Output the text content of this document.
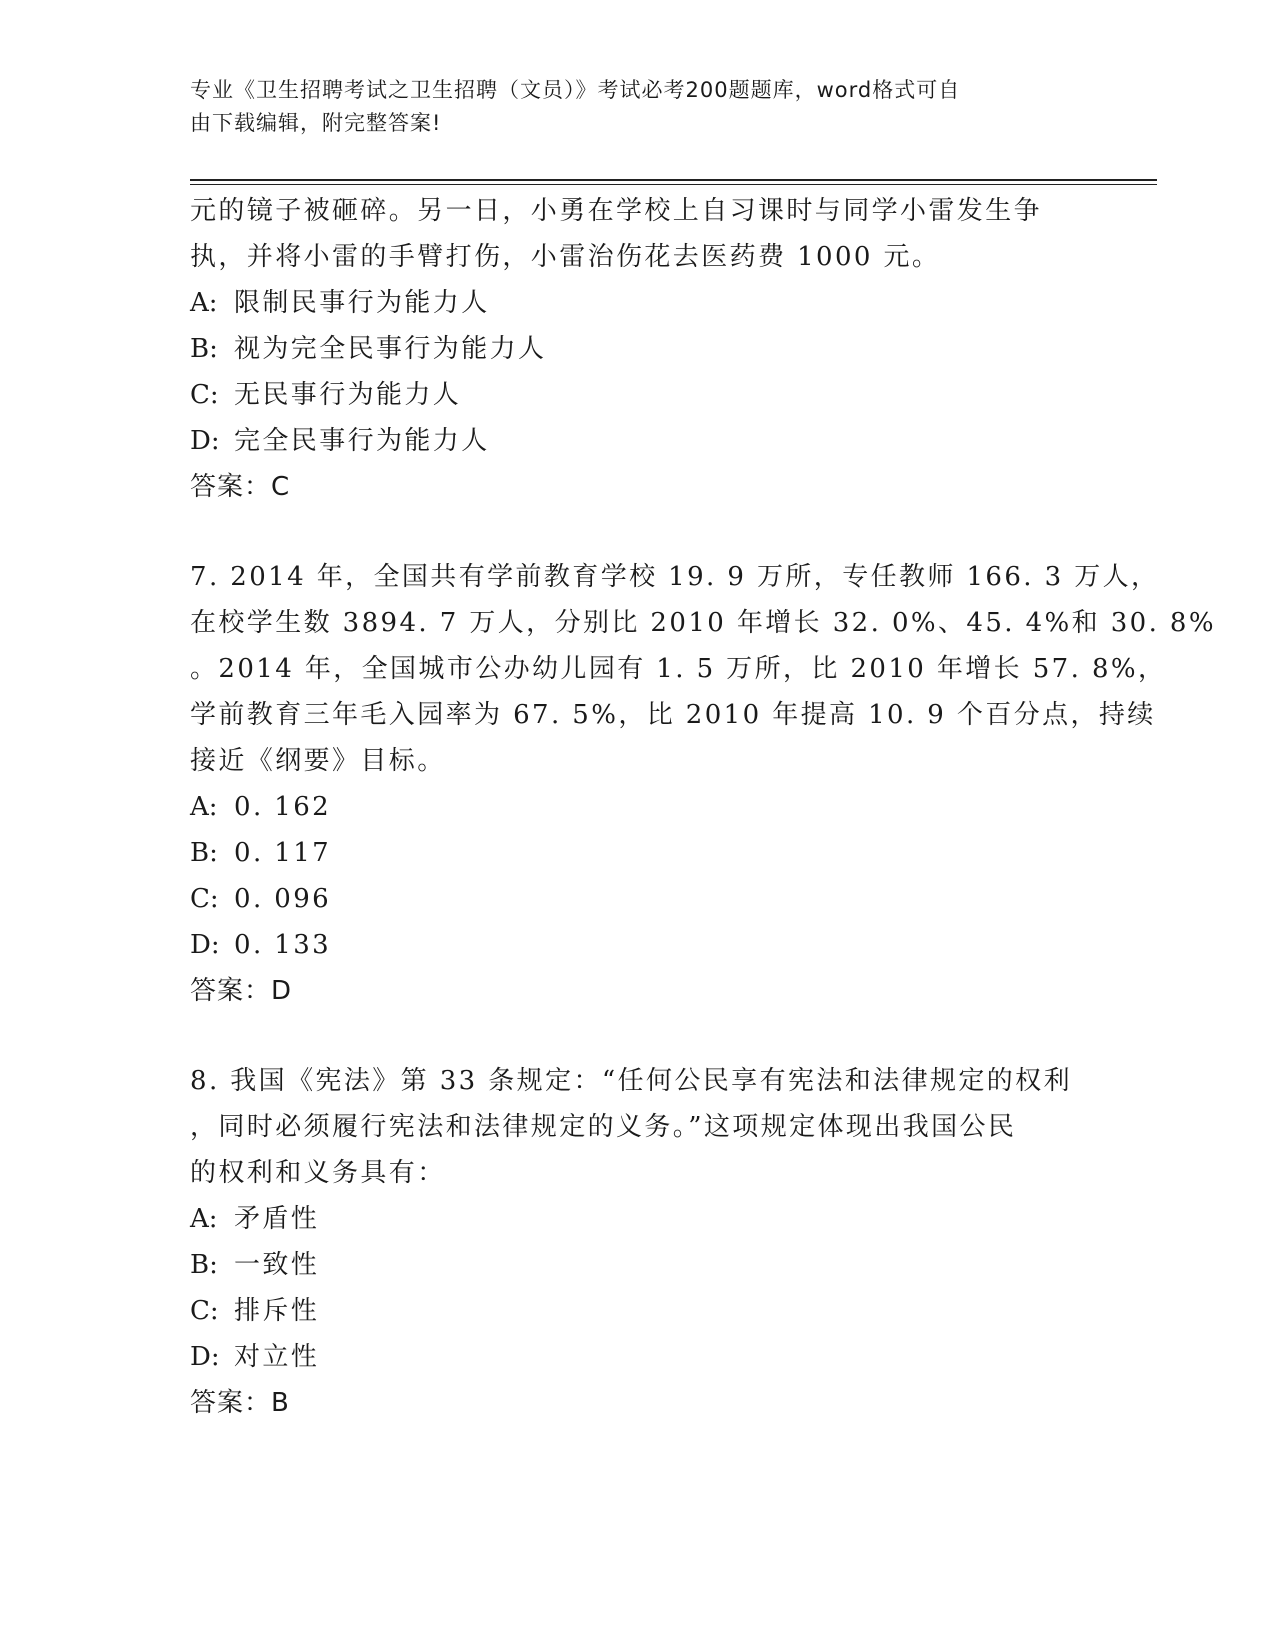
专业《卫生招聘考试之卫生招聘（文员）》考试必考200题题库，word格式可自
由下载编辑，附完整答案!
元的镜子被砸碎。另一日，小勇在学校上自习课时与同学小雷发生争
执，并将小雷的手臂打伤，小雷治伤花去医药费 1000 元。
A: 限制民事行为能力人
B: 视为完全民事行为能力人
C: 无民事行为能力人
D: 完全民事行为能力人
答案：C
7. 2014 年，全国共有学前教育学校 19. 9 万所，专任教师 166. 3 万人，
在校学生数 3894. 7 万人，分别比 2010 年增长 32. 0%、45. 4%和 30. 8%
。2014 年，全国城市公办幼儿园有 1. 5 万所，比 2010 年增长 57. 8%，
学前教育三年毛入园率为 67. 5%，比 2010 年提高 10. 9 个百分点，持续
接近《纲要》目标。
A: 0. 162
B: 0. 117
C: 0. 096
D: 0. 133
答案：D
8. 我国《宪法》第 33 条规定：“任何公民享有宪法和法律规定的权利
，同时必须履行宪法和法律规定的义务。”这项规定体现出我国公民
的权利和义务具有：
A: 矛盾性
B: 一致性
C: 排斥性
D: 对立性
答案：B
